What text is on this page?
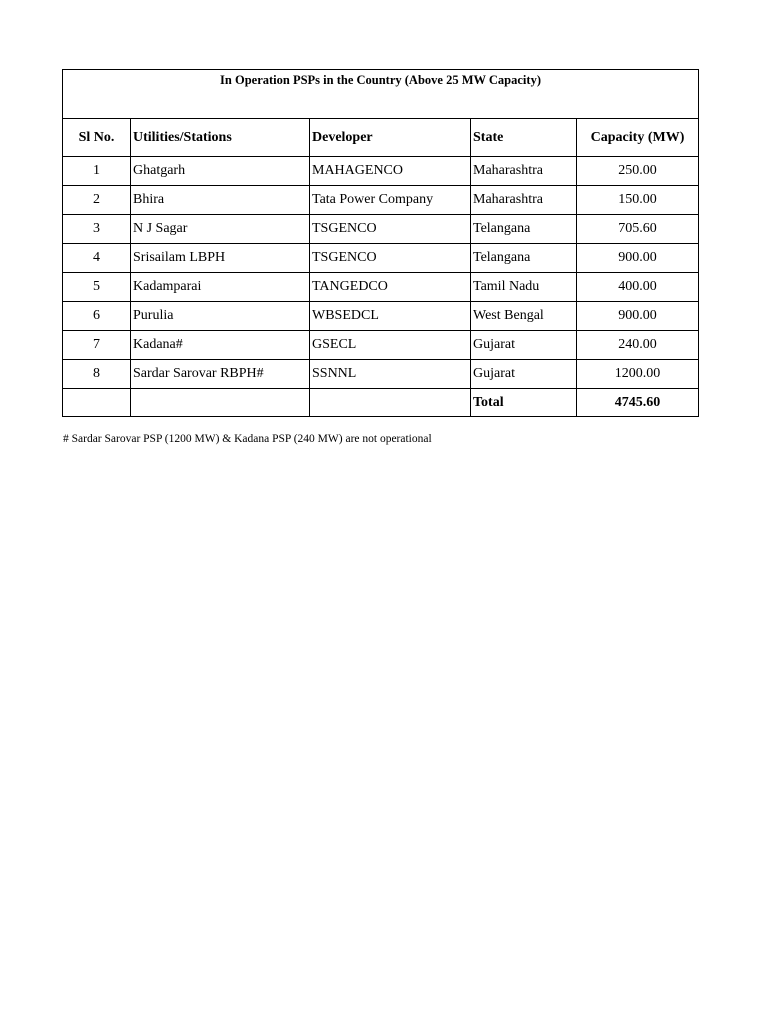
In Operation PSPs in the Country (Above 25 MW Capacity)				
Sl No.	Utilities/Stations	Developer	State	Capacity (MW)
1	Ghatgarh	MAHAGENCO	Maharashtra	250.00
2	Bhira	Tata Power Company	Maharashtra	150.00
3	N J Sagar	TSGENCO	Telangana	705.60
4	Srisailam LBPH	TSGENCO	Telangana	900.00
5	Kadamparai	TANGEDCO	Tamil Nadu	400.00
6	Purulia	WBSEDCL	West Bengal	900.00
7	Kadana#	GSECL	Gujarat	240.00
8	Sardar Sarovar RBPH#	SSNNL	Gujarat	1200.00
			Total	4745.60
# Sardar Sarovar PSP (1200 MW) & Kadana PSP (240 MW) are not operational
